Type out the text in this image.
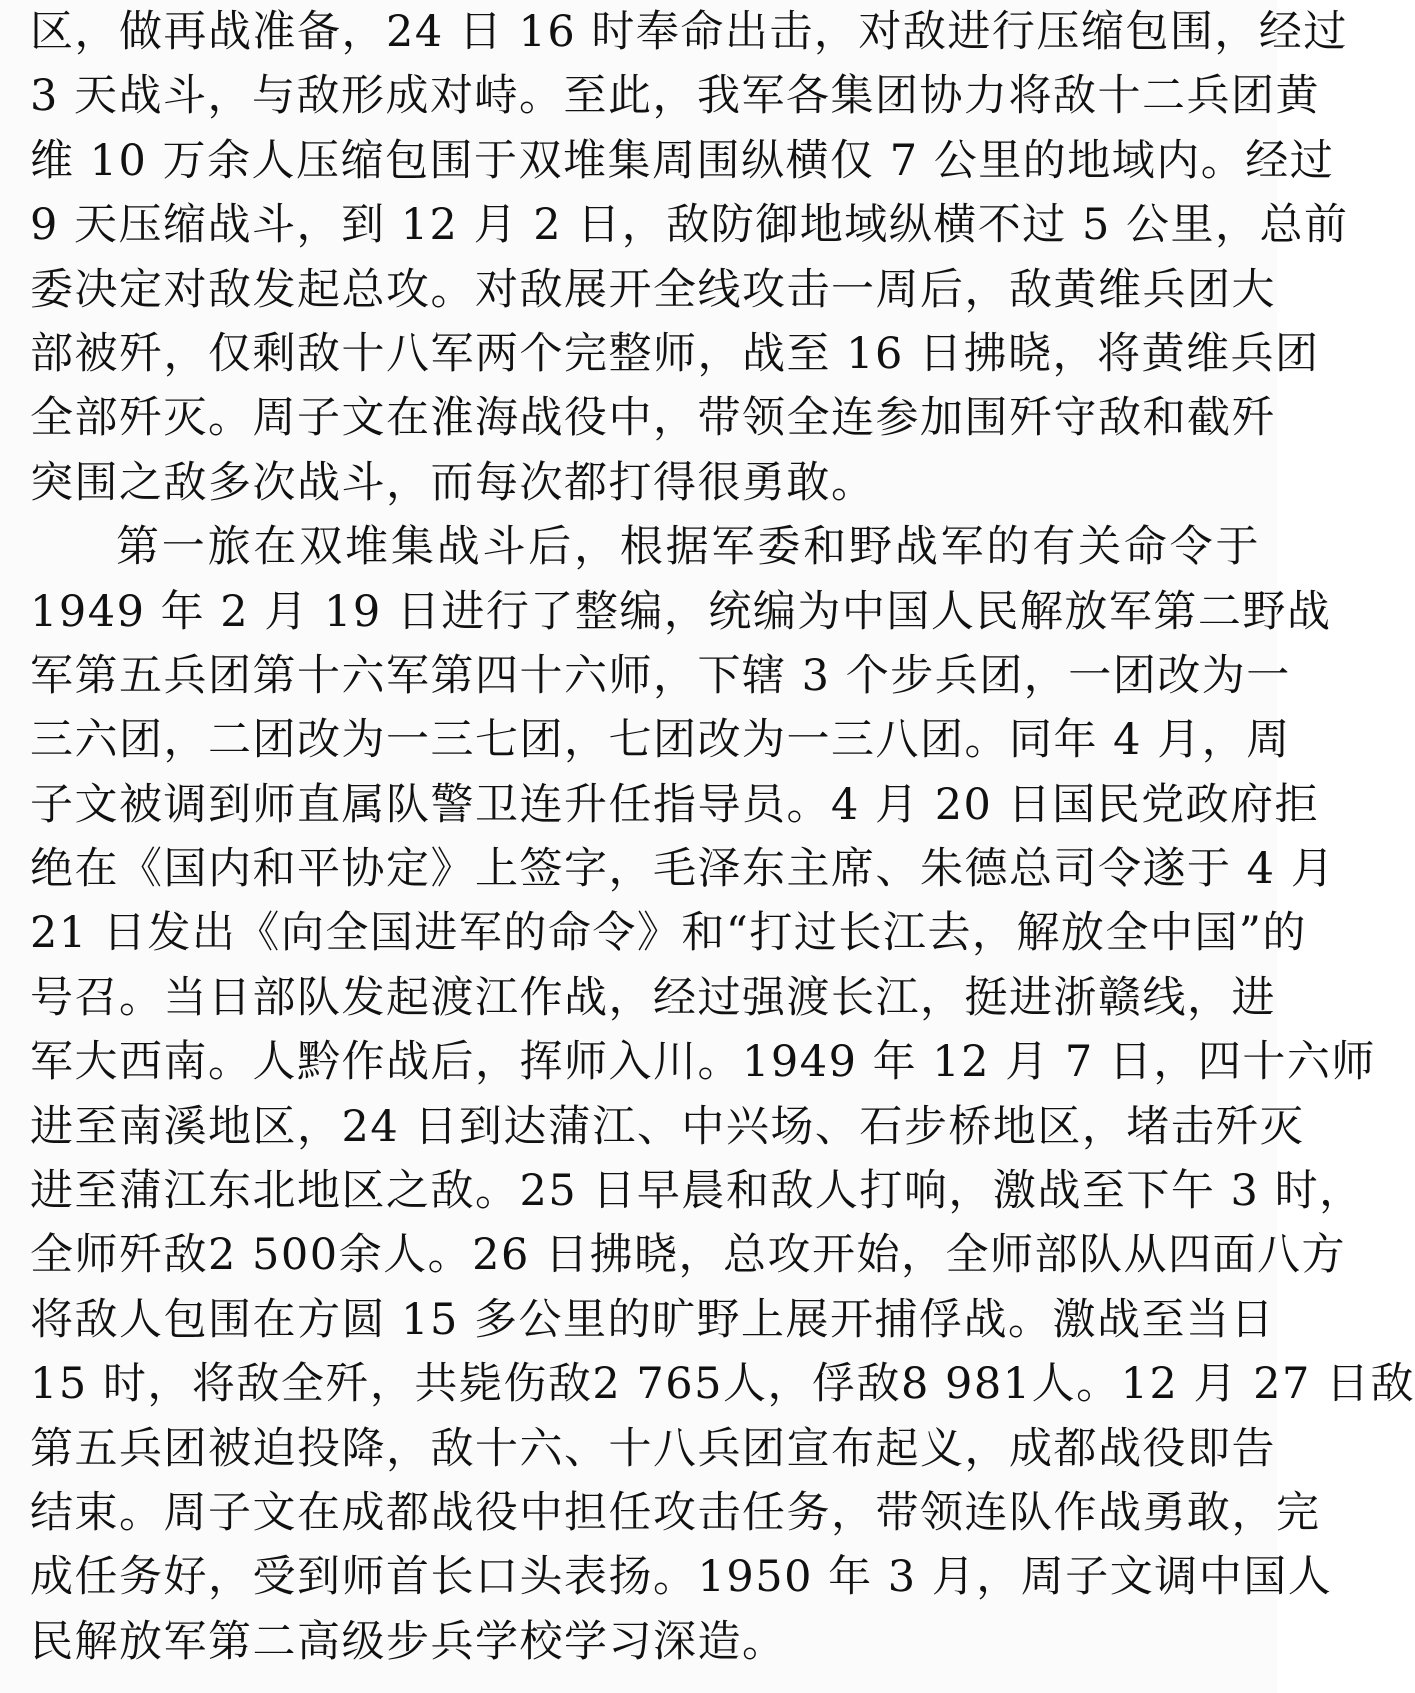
区，做再战准备，24 日 16 时奉命出击，对敌进行压缩包围，经过
3 天战斗，与敌形成对峙。至此，我军各集团协力将敌十二兵团黄
维 10 万余人压缩包围于双堆集周围纵横仅 7 公里的地域内。经过
9 天压缩战斗，到 12 月 2 日，敌防御地域纵横不过 5 公里，总前
委决定对敌发起总攻。对敌展开全线攻击一周后，敌黄维兵团大
部被歼，仅剩敌十八军两个完整师，战至 16 日拂晓，将黄维兵团
全部歼灭。周子文在淮海战役中，带领全连参加围歼守敌和截歼
突围之敌多次战斗，而每次都打得很勇敢。
第一旅在双堆集战斗后，根据军委和野战军的有关命令于
1949 年 2 月 19 日进行了整编，统编为中国人民解放军第二野战
军第五兵团第十六军第四十六师，下辖 3 个步兵团，一团改为一
三六团，二团改为一三七团，七团改为一三八团。同年 4 月，周
子文被调到师直属队警卫连升任指导员。4 月 20 日国民党政府拒
绝在《国内和平协定》上签字，毛泽东主席、朱德总司令遂于 4 月
21 日发出《向全国进军的命令》和“打过长江去，解放全中国”的
号召。当日部队发起渡江作战，经过强渡长江，挺进浙赣线，进
军大西南。人黔作战后，挥师入川。1949 年 12 月 7 日，四十六师
进至南溪地区，24 日到达蒲江、中兴场、石步桥地区，堵击歼灭
进至蒲江东北地区之敌。25 日早晨和敌人打响，激战至下午 3 时，
全师歼敌2 500余人。26 日拂晓，总攻开始，全师部队从四面八方
将敌人包围在方圆 15 多公里的旷野上展开捕俘战。激战至当日
15 时，将敌全歼，共毙伤敌2 765人，俘敌8 981人。12 月 27 日敌
第五兵团被迫投降，敌十六、十八兵团宣布起义，成都战役即告
结束。周子文在成都战役中担任攻击任务，带领连队作战勇敢，完
成任务好，受到师首长口头表扬。1950 年 3 月，周子文调中国人
民解放军第二高级步兵学校学习深造。
